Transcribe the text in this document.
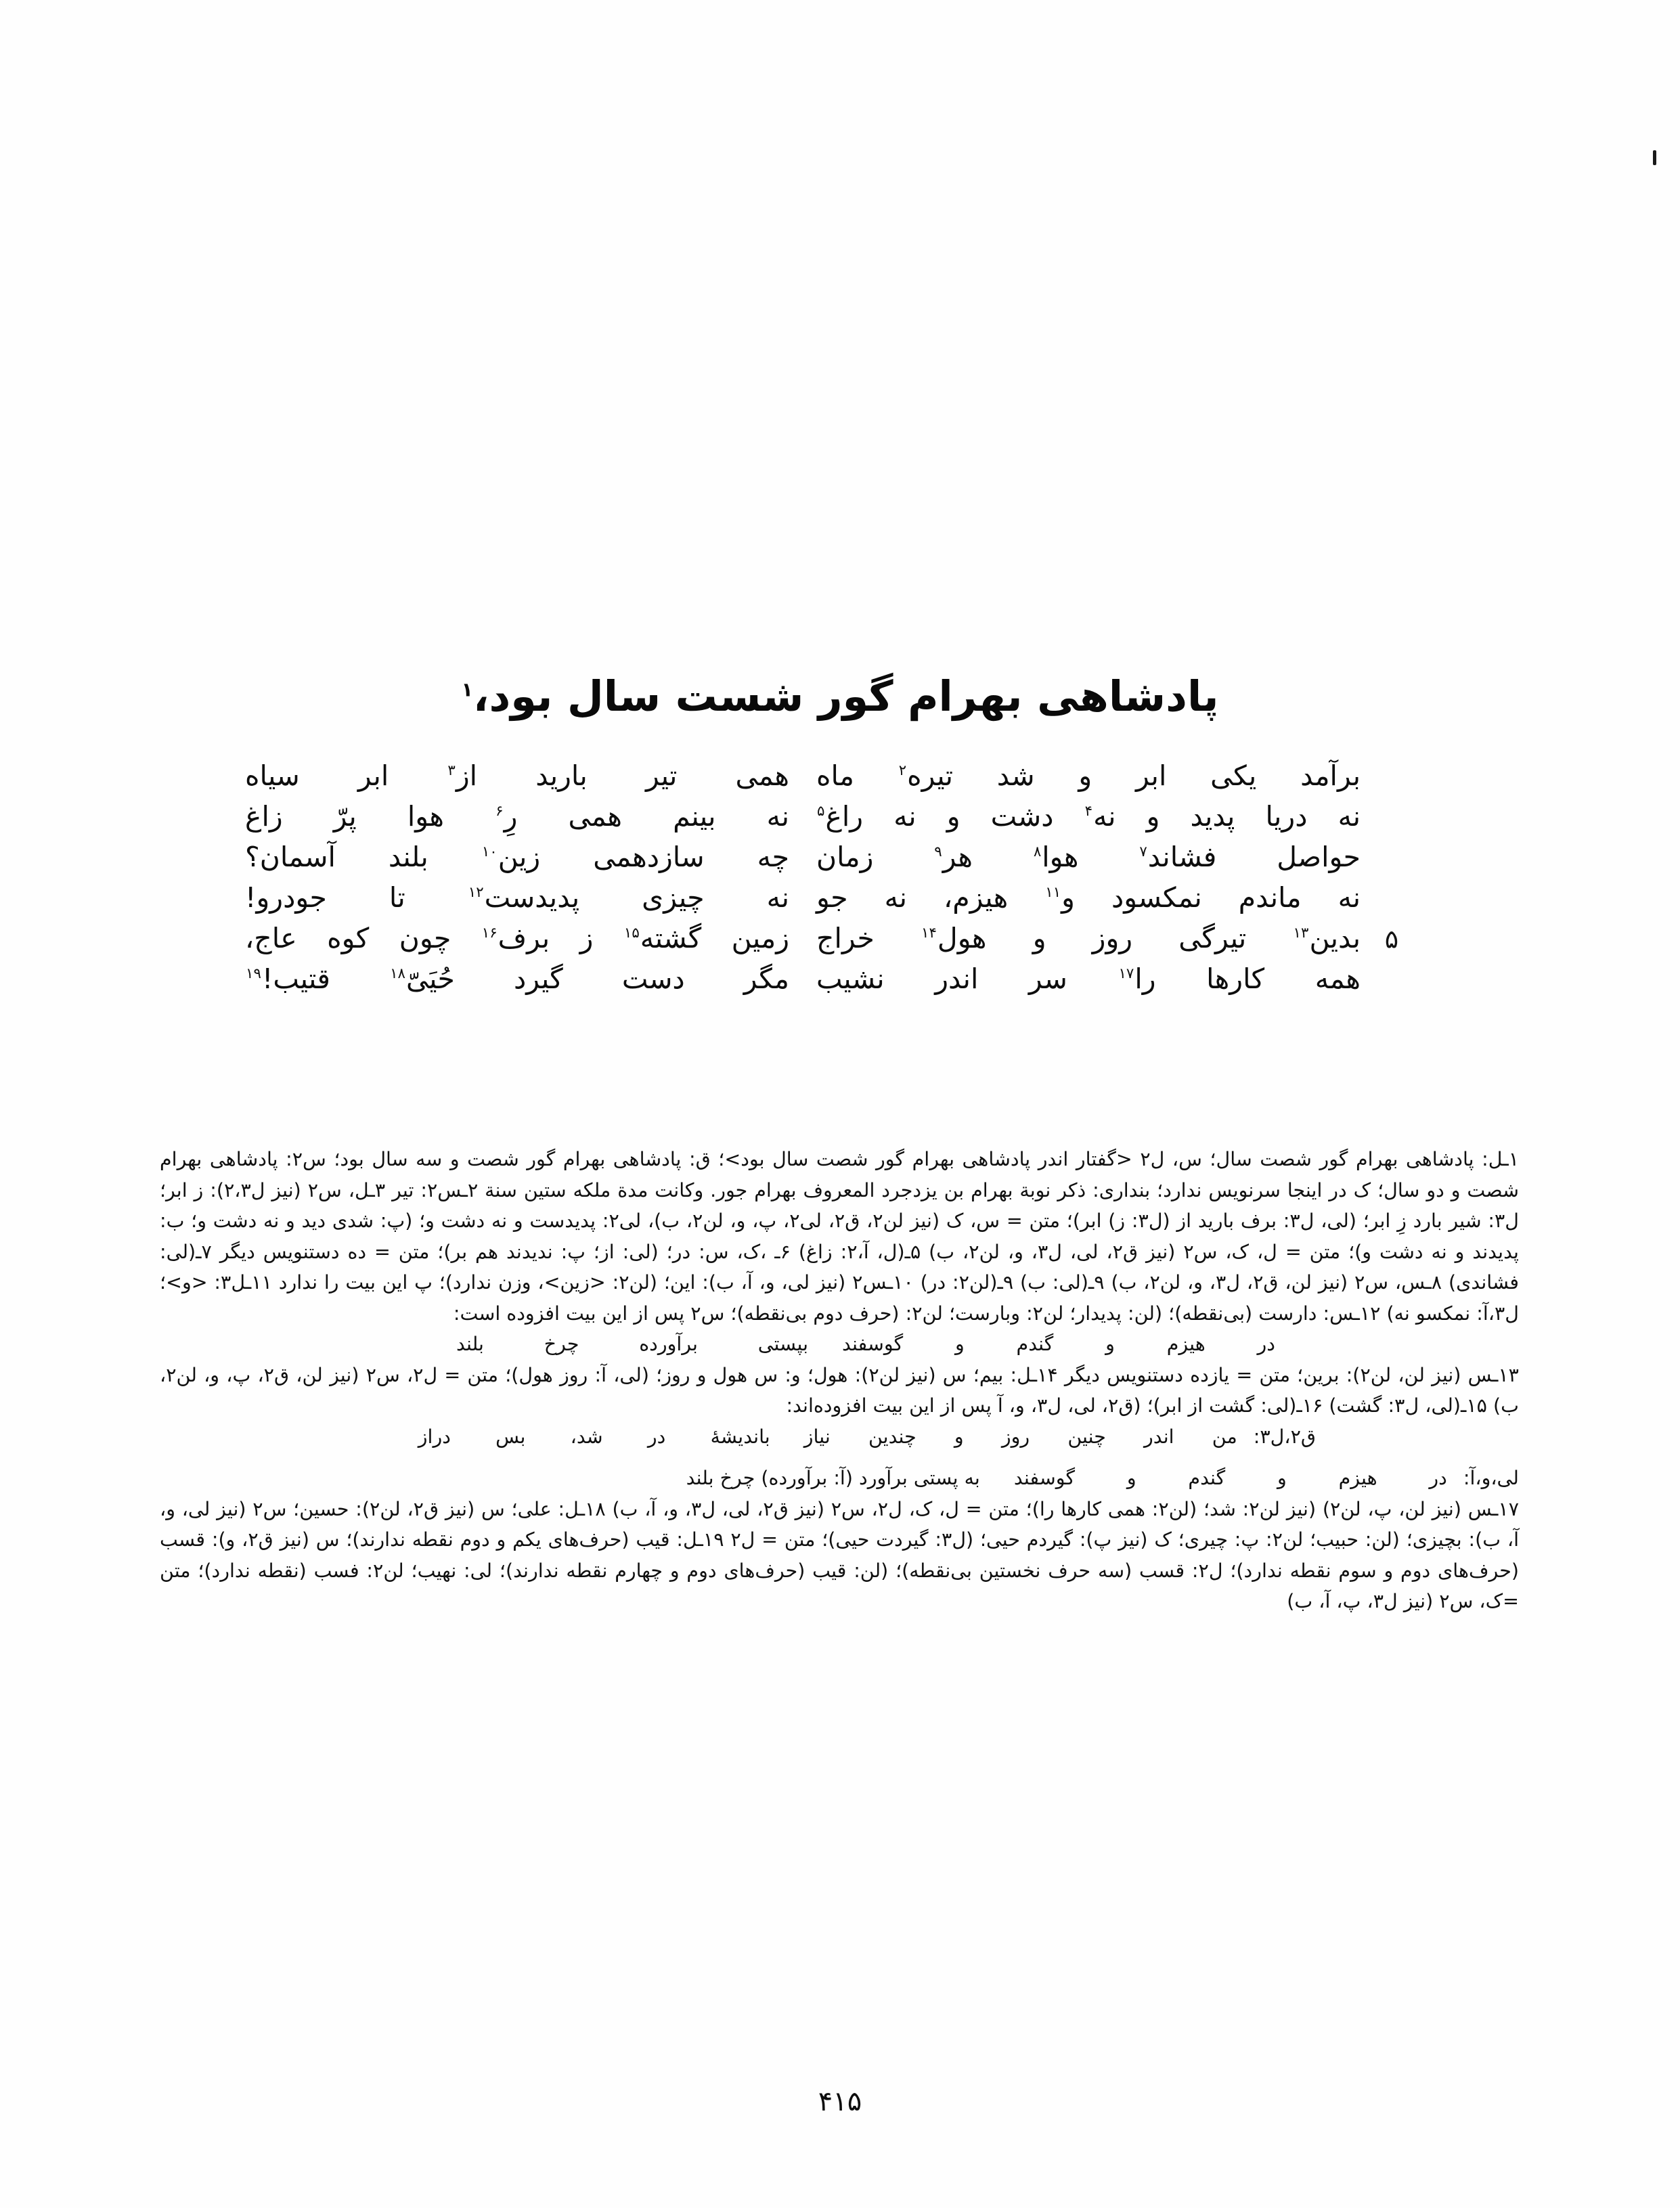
پادشاهی بهرام گور شست سال بود،$^۱$
برآمد
یکی
ابر
و
شد
تیره$^۲$
ماه
همی
تیر
بارید
از$^۳$
ابر
سیاه
نه
دریا
پدید
و
نه$^۴$
دشت
و
نه
راغ$^۵$
نه
بینم
همی
رِ$^۶$
هوا
پرّ
زاغ
حواصل
فشاند$^۷$
هوا$^۸$
هر$^۹$
زمان
چه
سازدهمی
زین$^{۱۰}$
بلند
آسمان؟
نه
ماندم
نمکسود
و$^{۱۱}$
هیزم،
نه
جو
نه
چیزی
پدیدست$^{۱۲}$
تا
جودرو!
۵
بدین$^{۱۳}$
تیرگی
روز
و
هول$^{۱۴}$
خراج
زمین
گشته$^{۱۵}$
ز
برف$^{۱۶}$
چون
کوه
عاج،
همه
کارها
را$^{۱۷}$
سر
اندر
نشیب
مگر
دست
گیرد
حُیَیّ$^{۱۸}$
قتیب!$^{۱۹}$

۱ـل: پادشاهی بهرام گور شصت سال؛ س، ل۲ <گفتار اندر پادشاهی بهرام گور شصت سال بود>؛ ق: پادشاهی بهرام گور شصت و سه سال بود؛ س۲: پادشاهی بهرام شصت و دو سال؛ ک در اینجا سرنویس ندارد؛ بنداری: ذکر نوبة بهرام بن یزدجرد المعروف بهرام جور. وکانت مدة ملکه ستین سنة ۲ـس۲: تیر ۳ـل، س۲ (نیز ل۲،۳): ز ابر؛ ل۳: شیر بارد زِ ابر؛ (لی، ل۳: برف باريد از (ل۳: ز) ابر)؛ متن = س، ک (نیز لن۲، ق۲، لی۲، پ، و، لن۲، ب)، لی۲: پدیدست و نه دشت و؛ (پ: شدی دید و نه دشت و؛ ب: پدیدند و نه دشت و)؛ متن = ل، ک، س۲ (نیز ق۲، لی، ل۳، و، لن۲، ب) ۵ـ(ل، آ،۲: زاغ) ۶ـ ،ک، س: در؛ (لی: از؛ پ: ندیدند هم بر)؛ متن = ده دستنویس دیگر ۷ـ(لی: فشاندی) ۸ـس، س۲ (نیز لن، ق۲، ل۳، و، لن۲، ب) ۹ـ(لی: ب) ۹ـ(لن۲: در) ۱۰ـس۲ (نیز لی، و، آ، ب): این؛ (لن۲: <زین>، وزن ندارد)؛ پ این بیت را ندارد ۱۱ـل۳: <و>؛ ل۳،آ: نمکسو نه) ۱۲ـس: دارست (بی‌نقطه)؛ (لن: پدیدار؛ لن۲: وبارست؛ لن۲: (حرف دوم بی‌نقطه)؛ س۲ پس از این بیت افزوده است:

در
هیزم
و
گندم
و
گوسفند
بپستی
برآورده
چرخ
بلند

۱۳ـس (نیز لن، لن۲): برین؛ متن = یازده دستنویس دیگر ۱۴ـل: بیم؛ س (نیز لن۲): هول؛ و: س هول و روز؛ (لی، آ: روز هول)؛ متن = ل۲، س۲ (نیز لن، ق۲، پ، و، لن۲، ب) ۱۵ـ(لی، ل۳: گشت) ۱۶ـ(لی: گشت از ابر)؛ (ق۲، لی، ل۳، و، آ پس از این بیت افزوده‌اند:

ق۲،ل۳:
من
اندر
چنین
روز
و
چندین
نیاز
باندیشهٔ
در
شد،
بس
دراز
لی،و،آ:
در
هیزم
و
گندم
و
گوسفند
به پستی برآورد (آ: برآورده) چرخ بلند

۱۷ـس (نیز لن، پ، لن۲) (نیز لن۲: شد؛ (لن۲: همی کارها را)؛ متن = ل، ک، ل۲، س۲ (نیز ق۲، لی، ل۳، و، آ، ب) ۱۸ـل: علی؛ س (نیز ق۲، لن۲): حسین؛ س۲ (نیز لی، و، آ، ب): بچیزی؛ (لن: حبیب؛ لن۲: پ: چیری؛ ک (نیز پ): گیردم حیی؛ (ل۳: گیردت حیی)؛ متن = ل۲ ۱۹ـل: قیب (حرف‌های یکم و دوم نقطه ندارند)؛ س (نیز ق۲، و): قسب (حرف‌های دوم و سوم نقطه ندارد)؛ ل۲: قسب (سه حرف نخستین بی‌نقطه)؛ (لن: قیب (حرف‌های دوم و چهارم نقطه ندارند)؛ لی: نهیب؛ لن۲: فسب (نقطه ندارد)؛ متن =ک، س۲ (نیز ل۳، پ، آ، ب)

۴۱۵
